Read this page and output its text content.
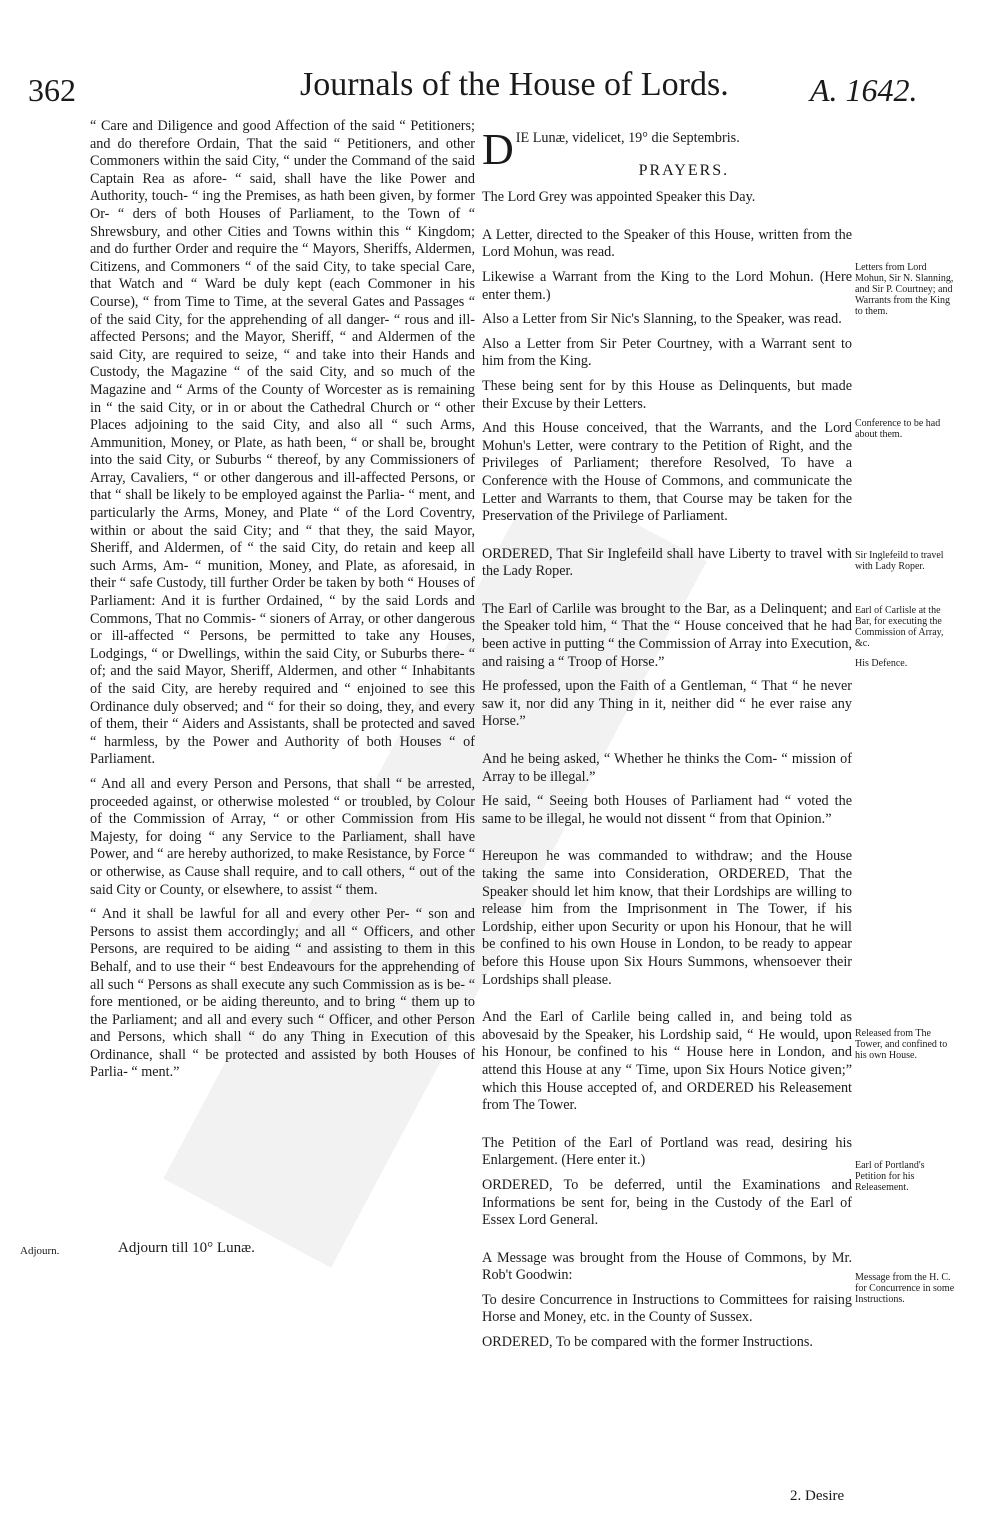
362	Journals of the House of Lords.	A. 1642.

“ Care and Diligence and good Affection of the said “ Petitioners; and do therefore Ordain, That the said “ Petitioners, and other Commoners within the said City, “ under the Command of the said Captain Rea as afore- “ said, shall have the like Power and Authority, touch- “ ing the Premises, as hath been given, by former Or- “ ders of both Houses of Parliament, to the Town of “ Shrewsbury, and other Cities and Towns within this “ Kingdom; and do further Order and require the “ Mayors, Sheriffs, Aldermen, Citizens, and Commoners “ of the said City, to take special Care, that Watch and “ Ward be duly kept (each Commoner in his Course), “ from Time to Time, at the several Gates and Passages “ of the said City, for the apprehending of all danger- “ rous and ill-affected Persons; and the Mayor, Sheriff, “ and Aldermen of the said City, are required to seize, “ and take into their Hands and Custody, the Magazine “ of the said City, and so much of the Magazine and “ Arms of the County of Worcester as is remaining in “ the said City, or in or about the Cathedral Church or “ other Places adjoining to the said City, and also all “ such Arms, Ammunition, Money, or Plate, as hath been, “ or shall be, brought into the said City, or Suburbs “ thereof, by any Commissioners of Array, Cavaliers, “ or other dangerous and ill-affected Persons, or that “ shall be likely to be employed against the Parlia- “ ment, and particularly the Arms, Money, and Plate “ of the Lord Coventry, within or about the said City; and “ that they, the said Mayor, Sheriff, and Aldermen, of “ the said City, do retain and keep all such Arms, Am- “ munition, Money, and Plate, as aforesaid, in their “ safe Custody, till further Order be taken by both “ Houses of Parliament: And it is further Ordained, “ by the said Lords and Commons, That no Commis- “ sioners of Array, or other dangerous or ill-affected “ Persons, be permitted to take any Houses, Lodgings, “ or Dwellings, within the said City, or Suburbs there- “ of; and the said Mayor, Sheriff, Aldermen, and other “ Inhabitants of the said City, are hereby required and “ enjoined to see this Ordinance duly observed; and “ for their so doing, they, and every of them, their “ Aiders and Assistants, shall be protected and saved “ harmless, by the Power and Authority of both Houses “ of Parliament.

“ And all and every Person and Persons, that shall “ be arrested, proceeded against, or otherwise molested “ or troubled, by Colour of the Commission of Array, “ or other Commission from His Majesty, for doing “ any Service to the Parliament, shall have Power, and “ are hereby authorized, to make Resistance, by Force “ or otherwise, as Cause shall require, and to call others, “ out of the said City or County, or elsewhere, to assist “ them.

“ And it shall be lawful for all and every other Per- “ son and Persons to assist them accordingly; and all “ Officers, and other Persons, are required to be aiding “ and assisting to them in this Behalf, and to use their “ best Endeavours for the apprehending of all such “ Persons as shall execute any such Commission as is be- “ fore mentioned, or be aiding thereunto, and to bring “ them up to the Parliament; and all and every such “ Officer, and other Person and Persons, which shall “ do any Thing in Execution of this Ordinance, shall “ be protected and assisted by both Houses of Parlia- “ ment.”

Adjourn.	Adjourn till 10° Lunæ.

DIE Lunæ, videlicet, 19° die Septembris.

PRAYERS.

The Lord Grey was appointed Speaker this Day.

A Letter, directed to the Speaker of this House, written from the Lord Mohun, was read.

Likewise a Warrant from the King to the Lord Mohun. (Here enter them.)

Also a Letter from Sir Nic's Slanning, to the Speaker, was read.

Also a Letter from Sir Peter Courtney, with a Warrant sent to him from the King.

These being sent for by this House as Delinquents, but made their Excuse by their Letters.

And this House conceived, that the Warrants, and the Lord Mohun's Letter, were contrary to the Petition of Right, and the Privileges of Parliament; therefore Resolved, To have a Conference with the House of Commons, and communicate the Letter and Warrants to them, that Course may be taken for the Preservation of the Privilege of Parliament.

ORDERED, That Sir Inglefeild shall have Liberty to travel with the Lady Roper.

The Earl of Carlile was brought to the Bar, as a Delinquent; and the Speaker told him, “ That the “ House conceived that he had been active in putting “ the Commission of Array into Execution, and raising a “ Troop of Horse.”

He professed, upon the Faith of a Gentleman, “ That “ he never saw it, nor did any Thing in it, neither did “ he ever raise any Horse.”

And he being asked, “ Whether he thinks the Com- “ mission of Array to be illegal.”

He said, “ Seeing both Houses of Parliament had “ voted the same to be illegal, he would not dissent “ from that Opinion.”

Hereupon he was commanded to withdraw; and the House taking the same into Consideration, ORDERED, That the Speaker should let him know, that their Lordships are willing to release him from the Imprisonment in The Tower, if his Lordship, either upon Security or upon his Honour, that he will be confined to his own House in London, to be ready to appear before this House upon Six Hours Summons, whensoever their Lordships shall please.

And the Earl of Carlile being called in, and being told as abovesaid by the Speaker, his Lordship said, “ He would, upon his Honour, be confined to his “ House here in London, and attend this House at any “ Time, upon Six Hours Notice given;” which this House accepted of, and ORDERED his Releasement from The Tower.

The Petition of the Earl of Portland was read, desiring his Enlargement. (Here enter it.)

ORDERED, To be deferred, until the Examinations and Informations be sent for, being in the Custody of the Earl of Essex Lord General.

A Message was brought from the House of Commons, by Mr. Rob't Goodwin:

To desire Concurrence in Instructions to Committees for raising Horse and Money, etc. in the County of Sussex.

ORDERED, To be compared with the former Instructions.

Letters from Lord Mohun, Sir N. Slanning, and Sir P. Courtney; and Warrants from the King to them.
Conference to be had about them.
Sir Inglefeild to travel with Lady Roper.
Earl of Carlisle at the Bar, for executing the Commission of Array, &c.
His Defence.
Released from The Tower, and confined to his own House.
Earl of Portland's Petition for his Releasement.
Message from the H. C. for Concurrence in some Instructions.
2. Desire
